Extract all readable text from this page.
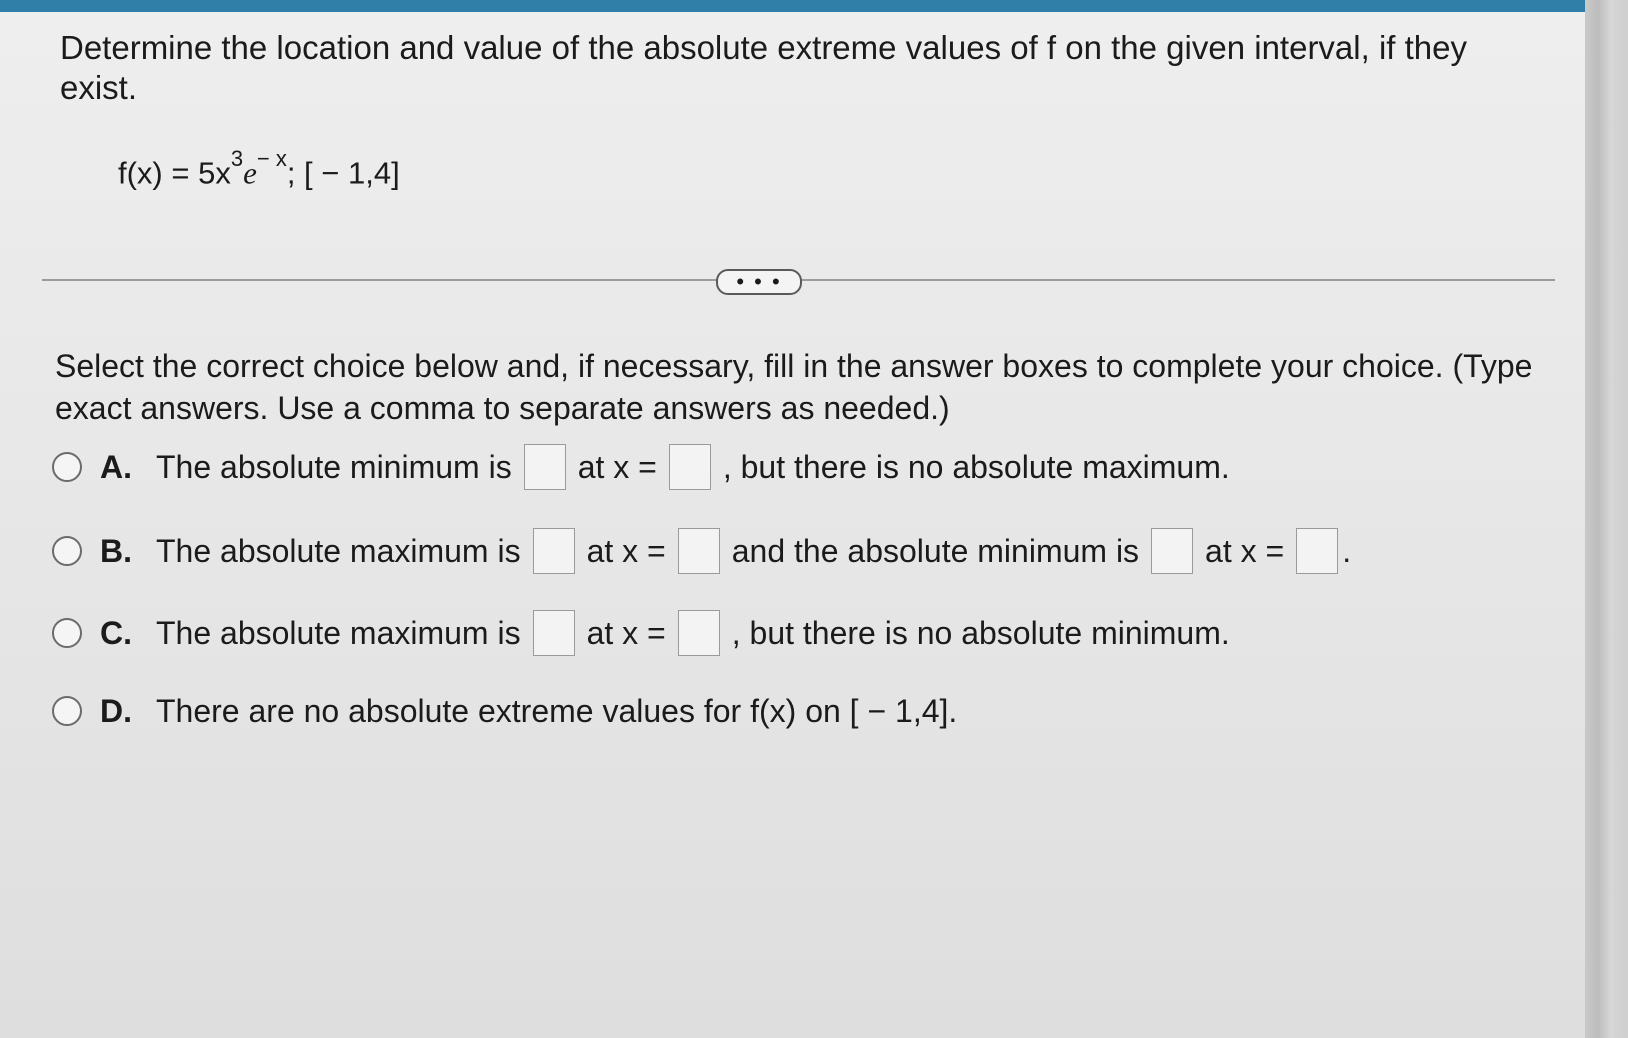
Determine the location and value of the absolute extreme values of f on the given interval, if they exist.
$f(x) = 5x^3e^{- x}$; [ − 1,4]
• • •
Select the correct choice below and, if necessary, fill in the answer boxes to complete your choice. (Type exact answers. Use a comma to separate answers as needed.)
A. The absolute minimum is at x = , but there is no absolute maximum.
B. The absolute maximum is at x = and the absolute minimum is at x = .
C. The absolute maximum is at x = , but there is no absolute minimum.
D. There are no absolute extreme values for f(x) on [ − 1,4].
